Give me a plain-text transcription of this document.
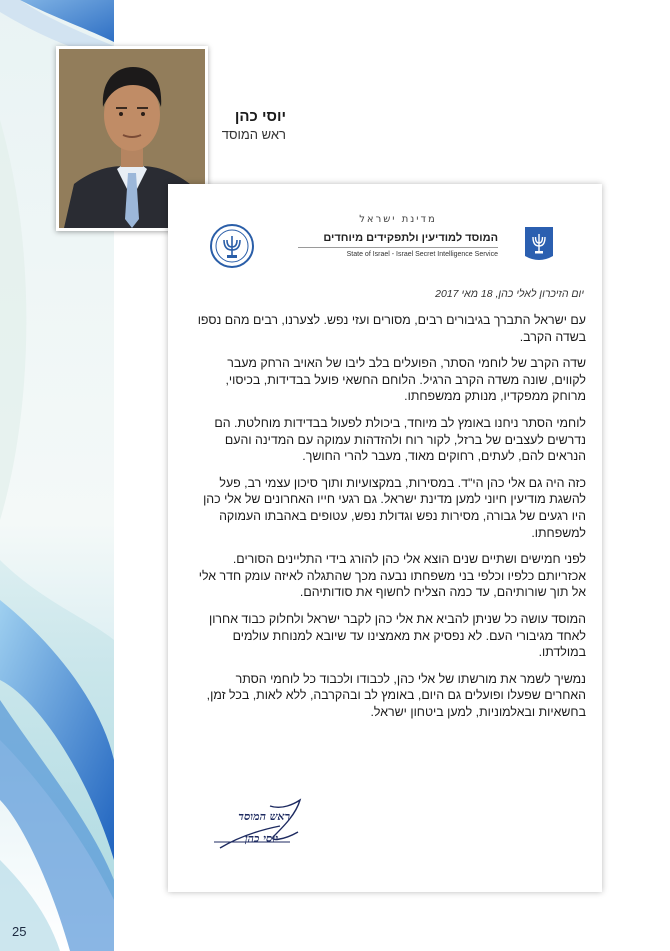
25
יוסי כהן
ראש המוסד
מדינת ישראל
המוסד למודיעין ולתפקידים מיוחדים
State of Israel - Israel Secret Intelligence Service
יום הזיכרון לאלי כהן, 18 מאי 2017

עם ישראל התברך בגיבורים רבים, מסורים ועזי נפש. לצערנו, רבים מהם נספו בשדה הקרב.

שדה הקרב של לוחמי הסתר, הפועלים בלב ליבו של האויב הרחק מעבר לקווים, שונה משדה הקרב הרגיל. הלוחם החשאי פועל בבדידות, בכיסוי, מרוחק ממפקדיו, מנותק ממשפחתו.

לוחמי הסתר ניחנו באומץ לב מיוחד, ביכולת לפעול בבדידות מוחלטת. הם נדרשים לעצבים של ברזל, לקור רוח ולהזדהות עמוקה עם המדינה והעם הנראים להם, לעתים, רחוקים מאוד, מעבר להרי החושך.

כזה היה גם אלי כהן הי"ד. במסירות, במקצועיות ותוך סיכון עצמי רב, פעל להשגת מודיעין חיוני למען מדינת ישראל. גם רגעי חייו האחרונים של אלי כהן היו רגעים של גבורה, מסירות נפש וגדולת נפש, עטופים באהבתו העמוקה למשפחתו.

לפני חמישים ושתיים שנים הוצא אלי כהן להורג בידי התליינים הסורים. אכזריותם כלפיו וכלפי בני משפחתו נבעה מכך שהתגלה לאיזה עומק חדר אלי אל תוך שורותיהם, עד כמה הצליח לחשוף את סודותיהם.

המוסד עושה כל שניתן להביא את אלי כהן לקבר ישראל ולחלוק כבוד אחרון לאחד מגיבורי העם. לא נפסיק את מאמצינו עד שיובא למנוחת עולמים במולדתו.

נמשיך לשמר את מורשתו של אלי כהן, לכבודו ולכבוד כל לוחמי הסתר האחרים שפעלו ופועלים גם היום, באומץ לב ובהקרבה, ללא לאות, בכל זמן, בחשאיות ובאלמוניות, למען ביטחון ישראל.

ראש המוסד
יוסי כהן
